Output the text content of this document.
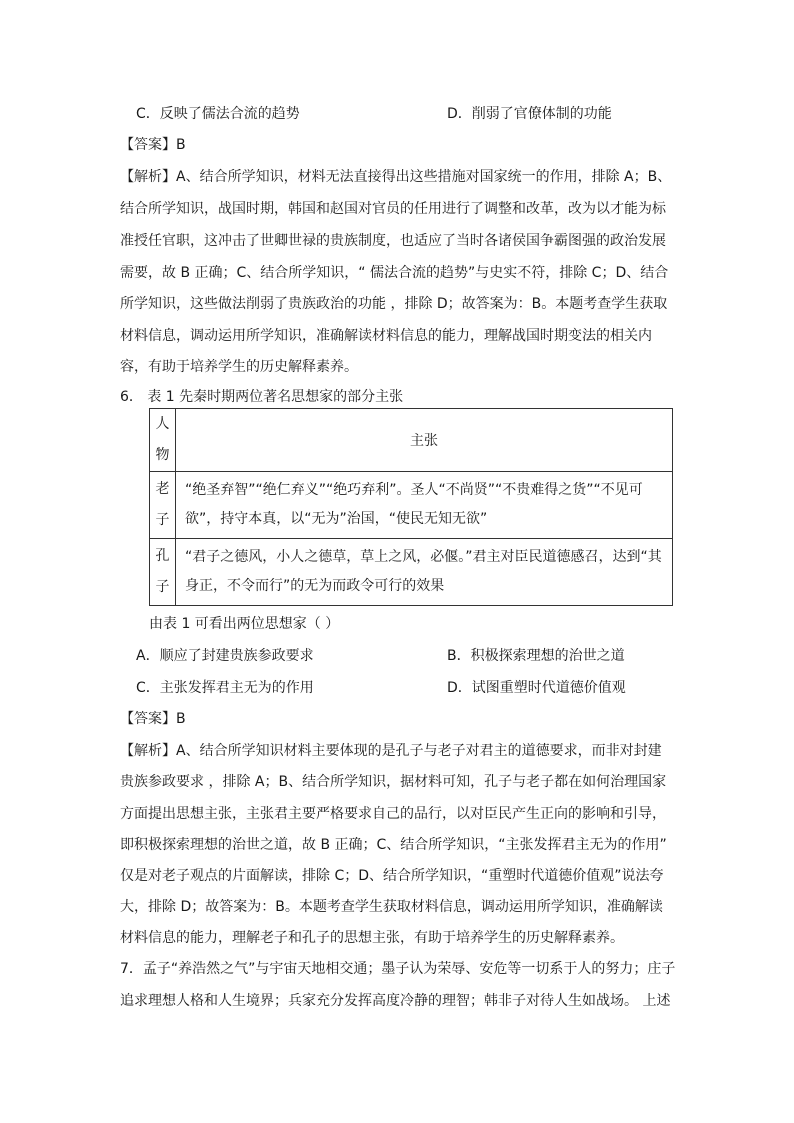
C．反映了儒法合流的趋势	D．削弱了官僚体制的功能
【答案】B
【解析】A、结合所学知识，材料无法直接得出这些措施对国家统一的作用，排除 A；B、
结合所学知识，战国时期，韩国和赵国对官员的任用进行了调整和改革，改为以才能为标
准授任官职，这冲击了世卿世禄的贵族制度，也适应了当时各诸侯国争霸图强的政治发展
需要，故 B 正确；C、结合所学知识，“ 儒法合流的趋势”与史实不符，排除 C；D、结合
所学知识，这些做法削弱了贵族政治的功能 ，排除 D；故答案为：B。本题考查学生获取
材料信息，调动运用所学知识，准确解读材料信息的能力，理解战国时期变法的相关内
容，有助于培养学生的历史解释素养。
6． 表 1 先秦时期两位著名思想家的部分主张
人
物	主张

老
子	“绝圣弃智”“绝仁弃义”“绝巧弃利”。圣人“不尚贤”“不贵难得之货”“不见可欲”，持守本真，以“无为”治国，“使民无知无欲”

孔
子	“君子之德风，小人之德草，草上之风，必偃。”君主对臣民道德感召，达到“其身正，不令而行”的无为而政令可行的效果
由表 1 可看出两位思想家（ ）
A．顺应了封建贵族参政要求	B．积极探索理想的治世之道
C．主张发挥君主无为的作用	D．试图重塑时代道德价值观
【答案】B
【解析】A、结合所学知识材料主要体现的是孔子与老子对君主的道德要求，而非对封建
贵族参政要求 ，排除 A；B、结合所学知识，据材料可知，孔子与老子都在如何治理国家
方面提出思想主张，主张君主要严格要求自己的品行，以对臣民产生正向的影响和引导，
即积极探索理想的治世之道，故 B 正确；C、结合所学知识，“主张发挥君主无为的作用”
仅是对老子观点的片面解读，排除 C；D、结合所学知识，“重塑时代道德价值观”说法夸
大，排除 D；故答案为：B。本题考查学生获取材料信息，调动运用所学知识，准确解读
材料信息的能力，理解老子和孔子的思想主张，有助于培养学生的历史解释素养。
7．孟子“养浩然之气”与宇宙天地相交通；墨子认为荣辱、安危等一切系于人的努力；庄子
追求理想人格和人生境界；兵家充分发挥高度冷静的理智；韩非子对待人生如战场。 上述
